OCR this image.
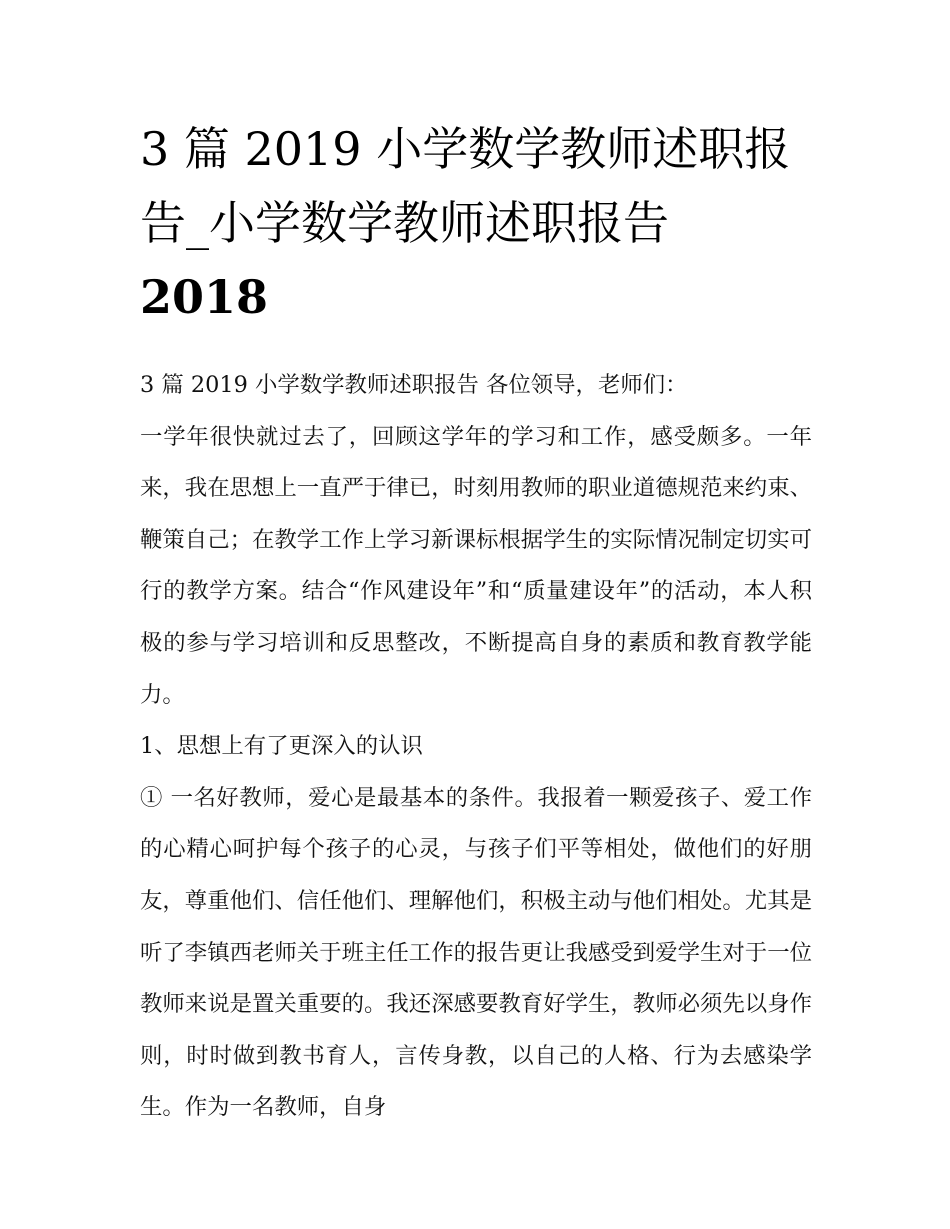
3 篇 2019 小学数学教师述职报
告_小学数学教师述职报告
2018

3 篇 2019 小学数学教师述职报告 各位领导，老师们：

一学年很快就过去了，回顾这学年的学习和工作，感受颇多。一年来，我在思想上一直严于律已，时刻用教师的职业道德规范来约束、鞭策自己；在教学工作上学习新课标根据学生的实际情况制定切实可行的教学方案。结合“作风建设年”和“质量建设年”的活动，本人积极的参与学习培训和反思整改，不断提高自身的素质和教育教学能力。

1、思想上有了更深入的认识

① 一名好教师，爱心是最基本的条件。我报着一颗爱孩子、爱工作的心精心呵护每个孩子的心灵，与孩子们平等相处，做他们的好朋友，尊重他们、信任他们、理解他们，积极主动与他们相处。尤其是听了李镇西老师关于班主任工作的报告更让我感受到爱学生对于一位教师来说是置关重要的。我还深感要教育好学生，教师必须先以身作则，时时做到教书育人，言传身教，以自己的人格、行为去感染学生。作为一名教师，自身
